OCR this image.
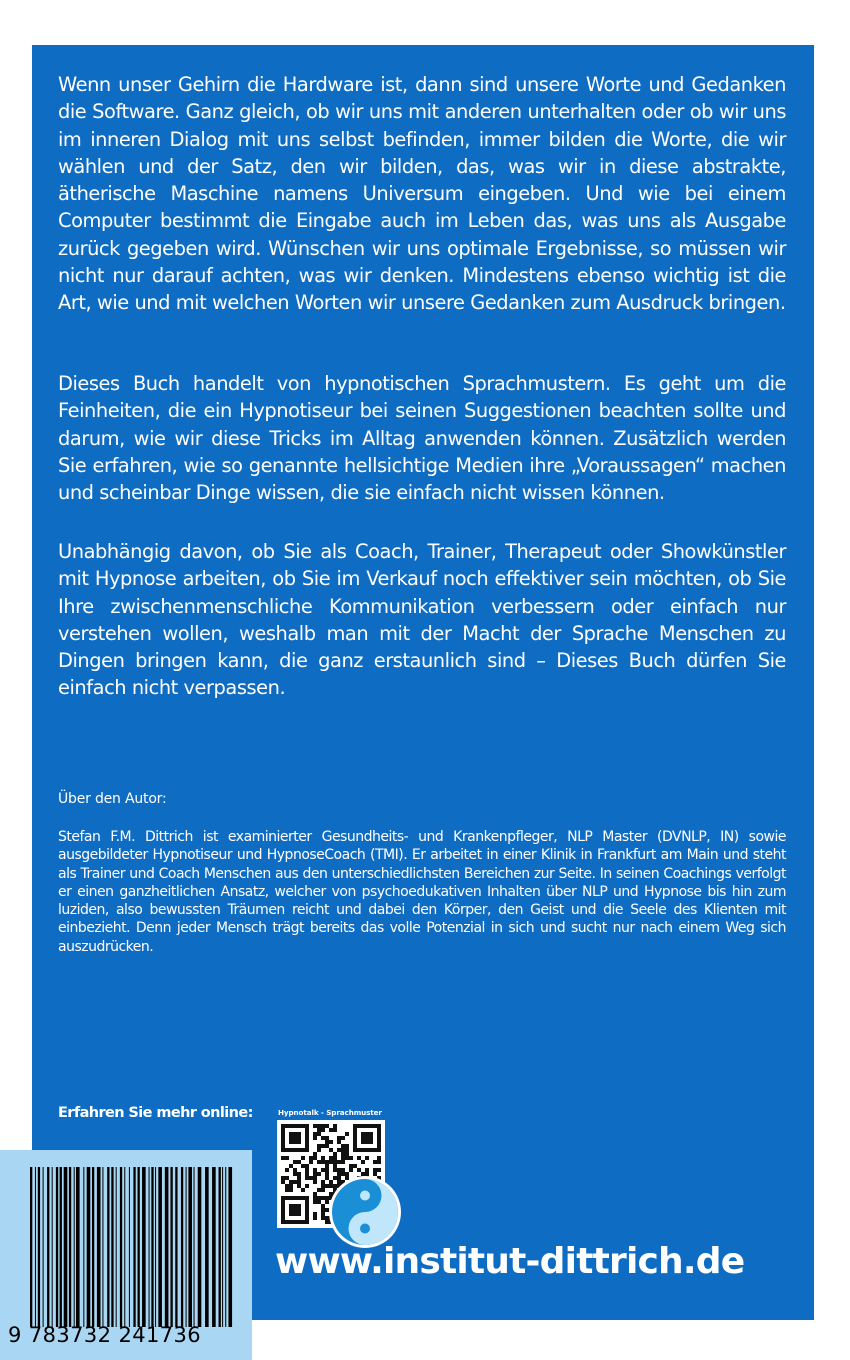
Wenn unser Gehirn die Hardware ist, dann sind unsere Worte und Gedanken die Software. Ganz gleich, ob wir uns mit anderen unterhalten oder ob wir uns im inneren Dialog mit uns selbst befinden, immer bilden die Worte, die wir wählen und der Satz, den wir bilden, das, was wir in diese abstrakte, ätherische Maschine namens Universum eingeben. Und wie bei einem Computer bestimmt die Eingabe auch im Leben das, was uns als Ausgabe zurück gegeben wird. Wünschen wir uns optimale Ergebnisse, so müssen wir nicht nur darauf achten, was wir denken. Mindestens ebenso wichtig ist die Art, wie und mit welchen Worten wir unsere Gedanken zum Ausdruck bringen.

Dieses Buch handelt von hypnotischen Sprachmustern. Es geht um die Feinheiten, die ein Hypnotiseur bei seinen Suggestionen beachten sollte und darum, wie wir diese Tricks im Alltag anwenden können. Zusätzlich werden Sie erfahren, wie so genannte hellsichtige Medien ihre „Voraussagen“ machen und scheinbar Dinge wissen, die sie einfach nicht wissen können.

Unabhängig davon, ob Sie als Coach, Trainer, Therapeut oder Showkünstler mit Hypnose arbeiten, ob Sie im Verkauf noch effektiver sein möchten, ob Sie Ihre zwischenmenschliche Kommunikation verbessern oder einfach nur verstehen wollen, weshalb man mit der Macht der Sprache Menschen zu Dingen bringen kann, die ganz erstaunlich sind – Dieses Buch dürfen Sie einfach nicht verpassen.

Über den Autor:

Stefan F.M. Dittrich ist examinierter Gesundheits- und Krankenpfleger, NLP Master (DVNLP, IN) sowie ausgebildeter Hypnotiseur und HypnoseCoach (TMI). Er arbeitet in einer Klinik in Frankfurt am Main und steht als Trainer und Coach Menschen aus den unterschiedlichsten Bereichen zur Seite. In seinen Coachings verfolgt er einen ganzheitlichen Ansatz, welcher von psychoedukativen Inhalten über NLP und Hypnose bis hin zum luziden, also bewussten Träumen reicht und dabei den Körper, den Geist und die Seele des Klienten mit einbezieht. Denn jeder Mensch trägt bereits das volle Potenzial in sich und sucht nur nach einem Weg sich auszudrücken.

Erfahren Sie mehr online:	Hypnotalk - Sprachmuster

www.institut-dittrich.de

9 783732 241736
